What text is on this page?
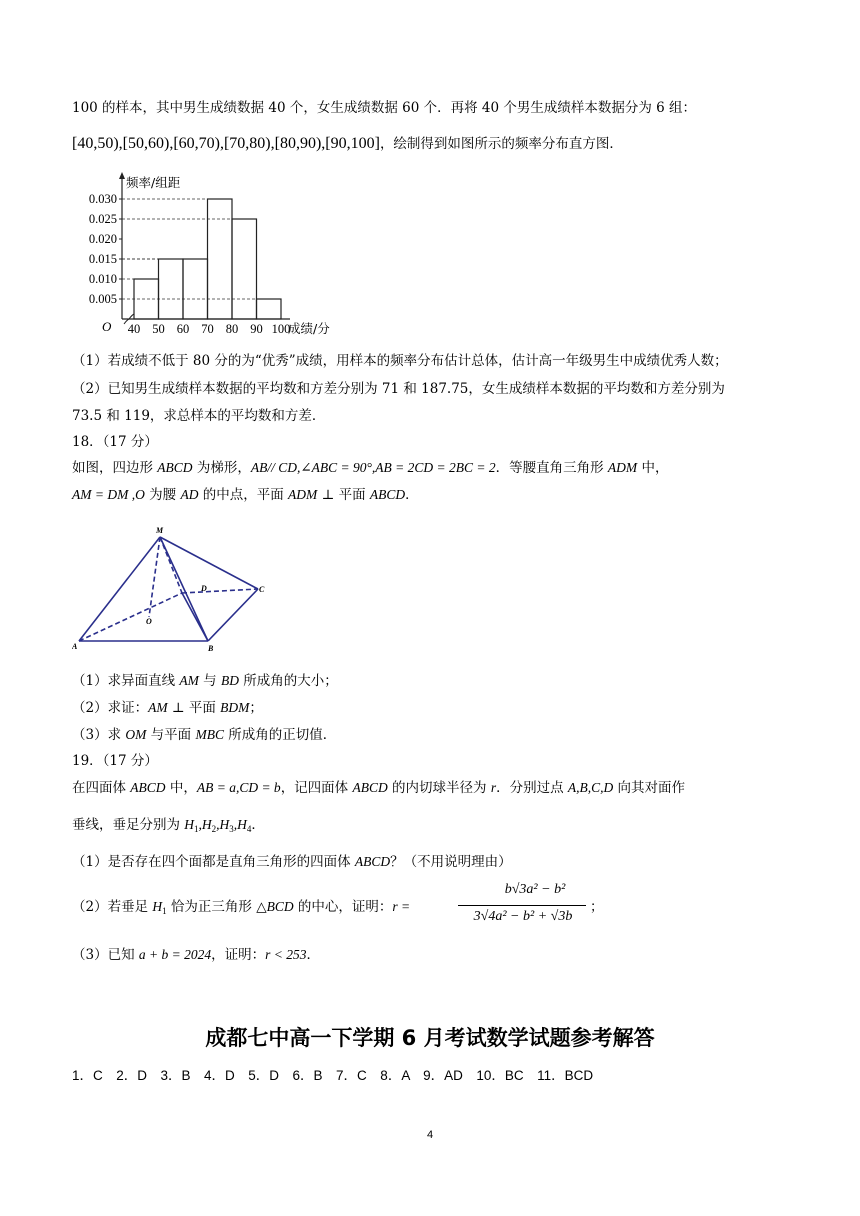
100 的样本，其中男生成绩数据 40 个，女生成绩数据 60 个．再将 40 个男生成绩样本数据分为 6 组：
[40,50),[50,60),[60,70),[70,80),[80,90),[90,100]，绘制得到如图所示的频率分布直方图．
0.005
0.010
0.015
0.020
0.025
0.030
40 50 60 70 80 90 100
频率/组距
成绩/分
O
（1）若成绩不低于 80 分的为“优秀”成绩，用样本的频率分布估计总体，估计高一年级男生中成绩优秀人数；
（2）已知男生成绩样本数据的平均数和方差分别为 71 和 187.75，女生成绩样本数据的平均数和方差分别为
73.5 和 119，求总样本的平均数和方差．
18．（17 分）
如图，四边形 ABCD 为梯形，AB// CD,∠ABC = 90°,AB = 2CD = 2BC = 2．等腰直角三角形 ADM 中，
AM = DM ,O 为腰 AD 的中点，平面 ADM ⊥ 平面 ABCD．
M
D	C
O
A	B
（1）求异面直线 AM 与 BD 所成角的大小；
（2）求证：AM ⊥ 平面 BDM；
（3）求 OM 与平面 MBC 所成角的正切值．
19．（17 分）
在四面体 ABCD 中，AB = a,CD = b，记四面体 ABCD 的内切球半径为 r．分别过点 A,B,C,D 向其对面作
垂线，垂足分别为 $H_1,H_2,H_3,H_4$．
（1）是否存在四个面都是直角三角形的四面体 ABCD？（不用说明理由）
（2）若垂足 $H_1$ 恰为正三角形 △BCD 的中心，证明：r =
b√3a² − b²
3√4a² − b² + √3b
；
（3）已知 a + b = 2024，证明：r < 253．
成都七中高一下学期 6 月考试数学试题参考解答
1．C　2．D　3．B　4．D　5．D　6．B　7．C　8．A　9．AD　10．BC　11．BCD
4
